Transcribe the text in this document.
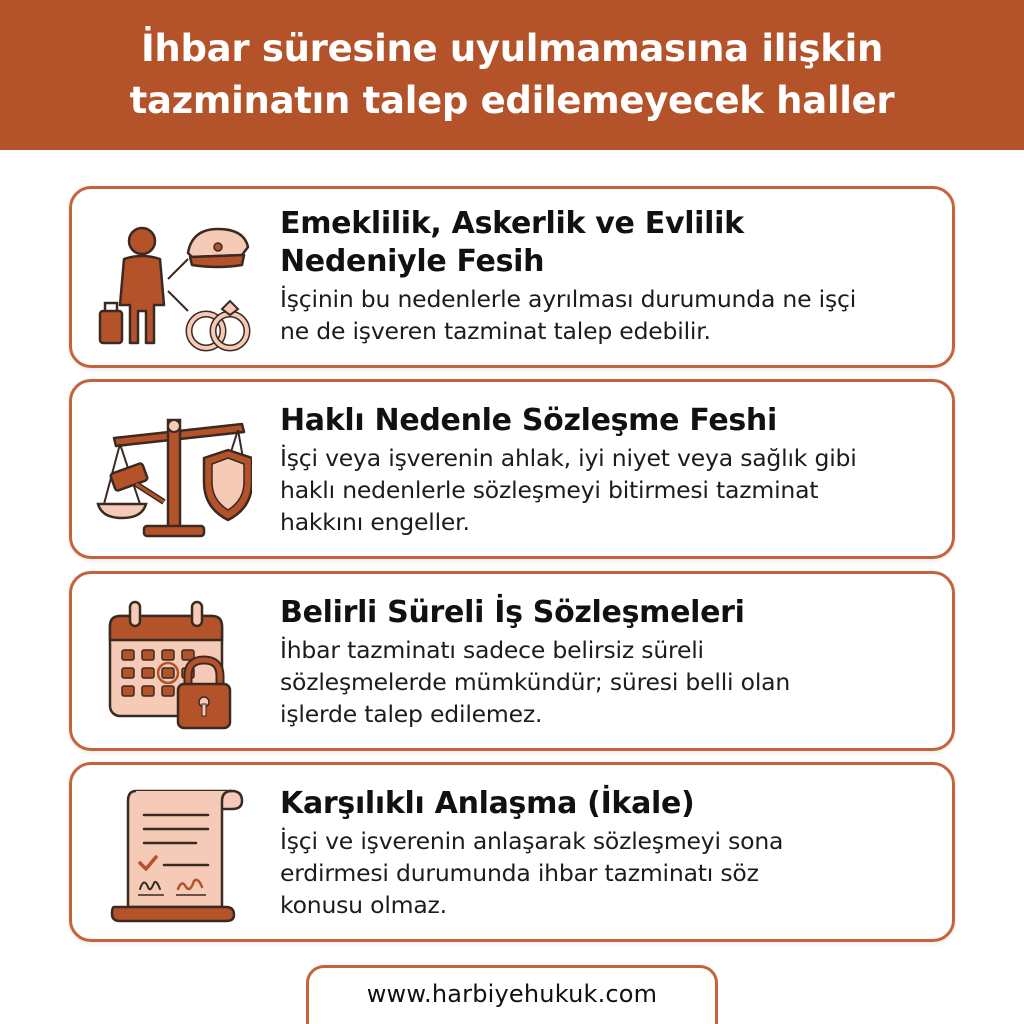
İhbar süresine uyulmamasına ilişkin
tazminatın talep edilemeyecek haller
Emeklilik, Askerlik ve Evlilik
Nedeniyle Fesih
İşçinin bu nedenlerle ayrılması durumunda ne işçi
ne de işveren tazminat talep edebilir.
Haklı Nedenle Sözleşme Feshi
İşçi veya işverenin ahlak, iyi niyet veya sağlık gibi
haklı nedenlerle sözleşmeyi bitirmesi tazminat
hakkını engeller.
Belirli Süreli İş Sözleşmeleri
İhbar tazminatı sadece belirsiz süreli
sözleşmelerde mümkündür; süresi belli olan
işlerde talep edilemez.
Karşılıklı Anlaşma (İkale)
İşçi ve işverenin anlaşarak sözleşmeyi sona
erdirmesi durumunda ihbar tazminatı söz
konusu olmaz.
www.harbiyehukuk.com
